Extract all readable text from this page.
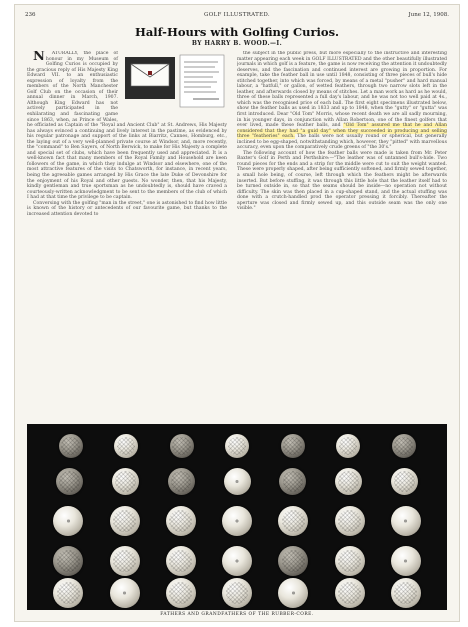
236	GOLF ILLUSTRATED.	June 12, 1908.
Half-Hours with Golfing Curios.
BY HARRY B. WOOD.—I.

N ATURALLY, the place of honour in my Museum of Golfing Curios is occupied by the gracious reply of His Majesty King Edward VII. to an enthusiastic expression of loyalty from the members of the North Manchester Golf Club on the occasion of their annual dinner in March, 1907. Although King Edward has not actively participated in the exhilarating and fascinating game since 1863, when, as Prince of Wales, he officiated as Captain of the "Royal and Ancient Club" at St. Andrews, His Majesty has always evinced a continuing and lively interest in the pastime, as evidenced by his regular patronage and support of the links at Biarritz, Cannes, Homburg, etc., the laying out of a very well-planned private course at Windsor, and, more recently, the "command" to Ben Sayers, of North Berwick, to make for His Majesty a complete and special set of clubs, which have been frequently used and appreciated. It is a well-known fact that many members of the Royal Family and Household are keen followers of the game, in which they indulge at Windsor and elsewhere, one of the most attractive features of the visits to Chatsworth, for instance, in recent years, being the agreeable games arranged by His Grace the late Duke of Devonshire for the enjoyment of his Royal and other guests. No wonder, then, that his Majesty, kindly gentleman and true sportsman as he undoubtedly is, should have craved a courteously-written acknowledgment to be sent to the members of the club of which I had at that time the privilege to be captain.

Conversing with the golfing "man in the street," one is astonished to find how little is known of the history or antecedents of our favourite game, but thanks to the increased attention devoted to

the subject in the public press, but more especially to the instructive and interesting matter appearing each week in GOLF ILLUSTRATED and the other beautifully illustrated journals in which golf is a feature, the game is now receiving the attention it undoubtedly deserves, and the fascination and continued interest are growing in proportion. For example, take the feather ball in use until 1848, consisting of three pieces of bull's hide stitched together, into which was forced, by means of a metal "pusher" and hard manual labour, a "hatfull," or gallon, of wetted feathers, through two narrow slots left in the leather, and afterwards closed by means of stitches. Let a man work as hard as he would, three of these balls represented a full day's labour, and he was not too well paid at 4s., which was the recognised price of each ball. The first eight specimens illustrated below, show the feather balls as used in 1833 and up to 1848, when the "gutty" or "gutta" was first introduced. Dear "Old Tom" Morris, whose recent death we are all sadly mourning, in his younger days, in conjunction with Allan Robertson, one of the finest golfers that ever lived, made these feather balls, and "Old Tom" assured me that he and Allan considered that they had "a guid day" when they succeeded in producing and selling three "featheries" each. The balls were not usually round or spherical, but generally inclined to be egg-shaped, notwithstanding which, however, they "pitted" with marvellous accuracy, even upon the comparatively crude greens of "the 30's."

The following account of how the feather balls were made is taken from Mr. Peter Baxter's Golf in Perth and Perthshire:—"The leather was of untanned bull's-hide. Two round pieces for the ends and a strip for the middle were cut to suit the weight wanted. These were properly shaped, after being sufficiently softened, and firmly sewed together, a small hole being, of course, left through which the feathers might be afterwards inserted. But before stuffing, it was through this little hole that the leather itself had to be turned outside in, so that the seams should be inside—no operation not without difficulty. The skin was then placed in a cup-shaped stand, and the actual stuffing was done with a crutch-handled prod the operator pressing it forcibly. Thereafter the aperture was closed and firmly sewed up, and this outside seam was the only one visible."

FATHERS AND GRANDFATHERS OF THE RUBBER-CORE.
